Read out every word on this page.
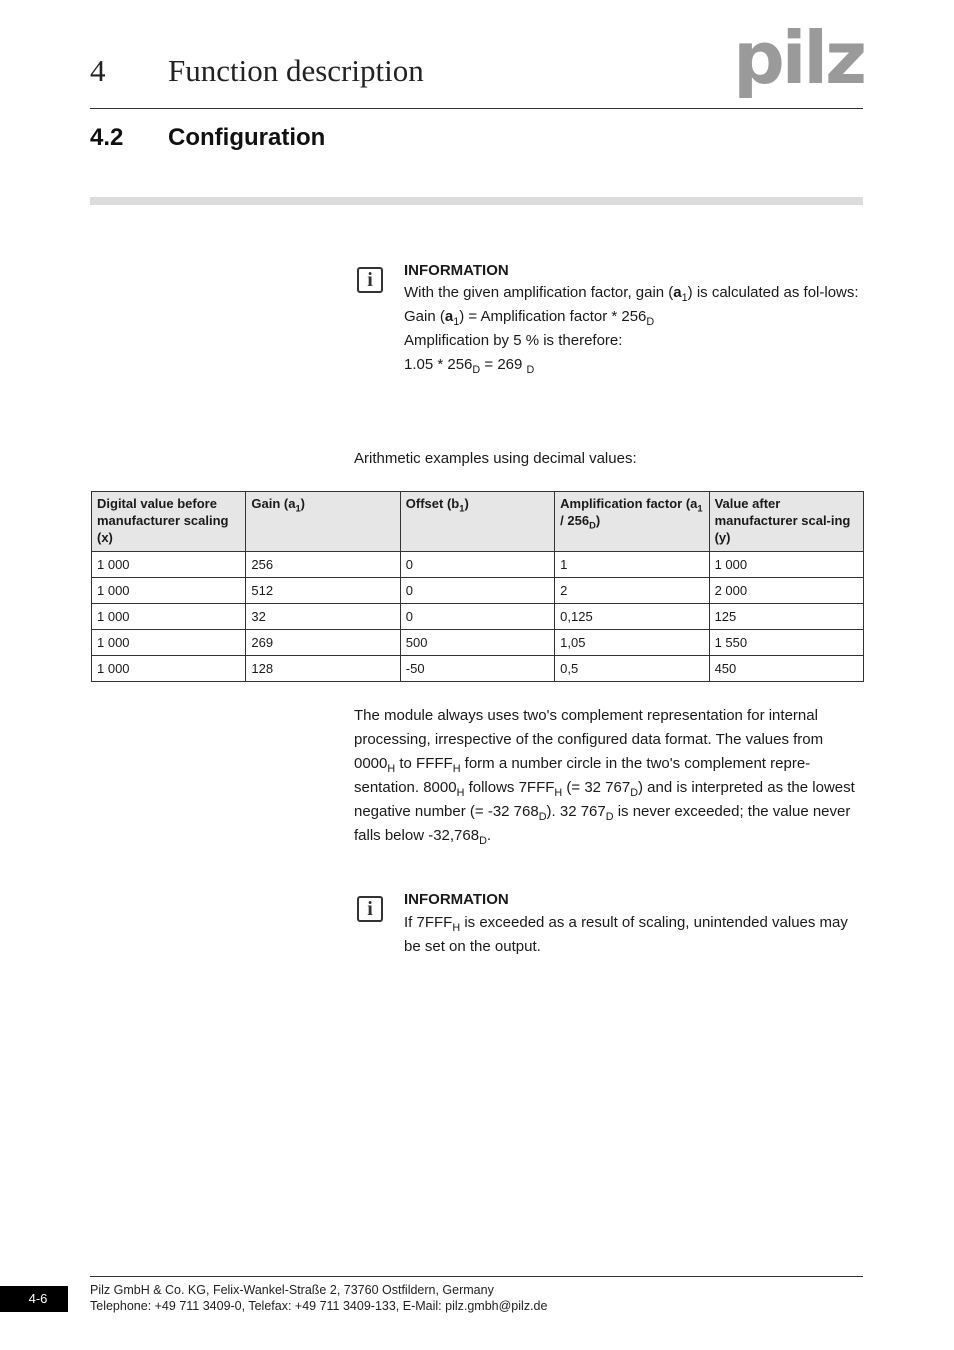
4 Function description	pilz
4.2 Configuration
i	INFORMATION
With the given amplification factor, gain $(a_1)$ is calculated as fol-lows:
Gain $(a_1)$ = Amplification factor * $256_D$
Amplification by 5 % is therefore:
$1.05 * 256_D = 269$ $_D$
Arithmetic examples using decimal values:
Digital value before manufacturer scaling (x)	Gain $(a_1)$	Offset $(b_1)$	Amplification factor $(a_1 / 256_D)$	Value after manufacturer scal-ing (y)
1 000	256	0	1	1 000
1 000	512	0	2	2 000
1 000	32	0	0,125	125
1 000	269	500	1,05	1 550
1 000	128	-50	0,5	450
The module always uses two's complement representation for internal processing, irrespective of the configured data format. The values from $0000_H$ to $FFFF_H$ form a number circle in the two's complement repre-sentation. $8000_H$ follows $7FFF_H$ (= 32 $767_D$) and is interpreted as the lowest negative number (= -32 $768_D$). 32 $767_D$ is never exceeded; the value never falls below $-32,768_D$.
i	INFORMATION
If $7FFF_H$ is exceeded as a result of scaling, unintended values may be set on the output.
4-6
Pilz GmbH & Co. KG, Felix-Wankel-Straße 2, 73760 Ostfildern, Germany
Telephone: +49 711 3409-0, Telefax: +49 711 3409-133, E-Mail: pilz.gmbh@pilz.de
